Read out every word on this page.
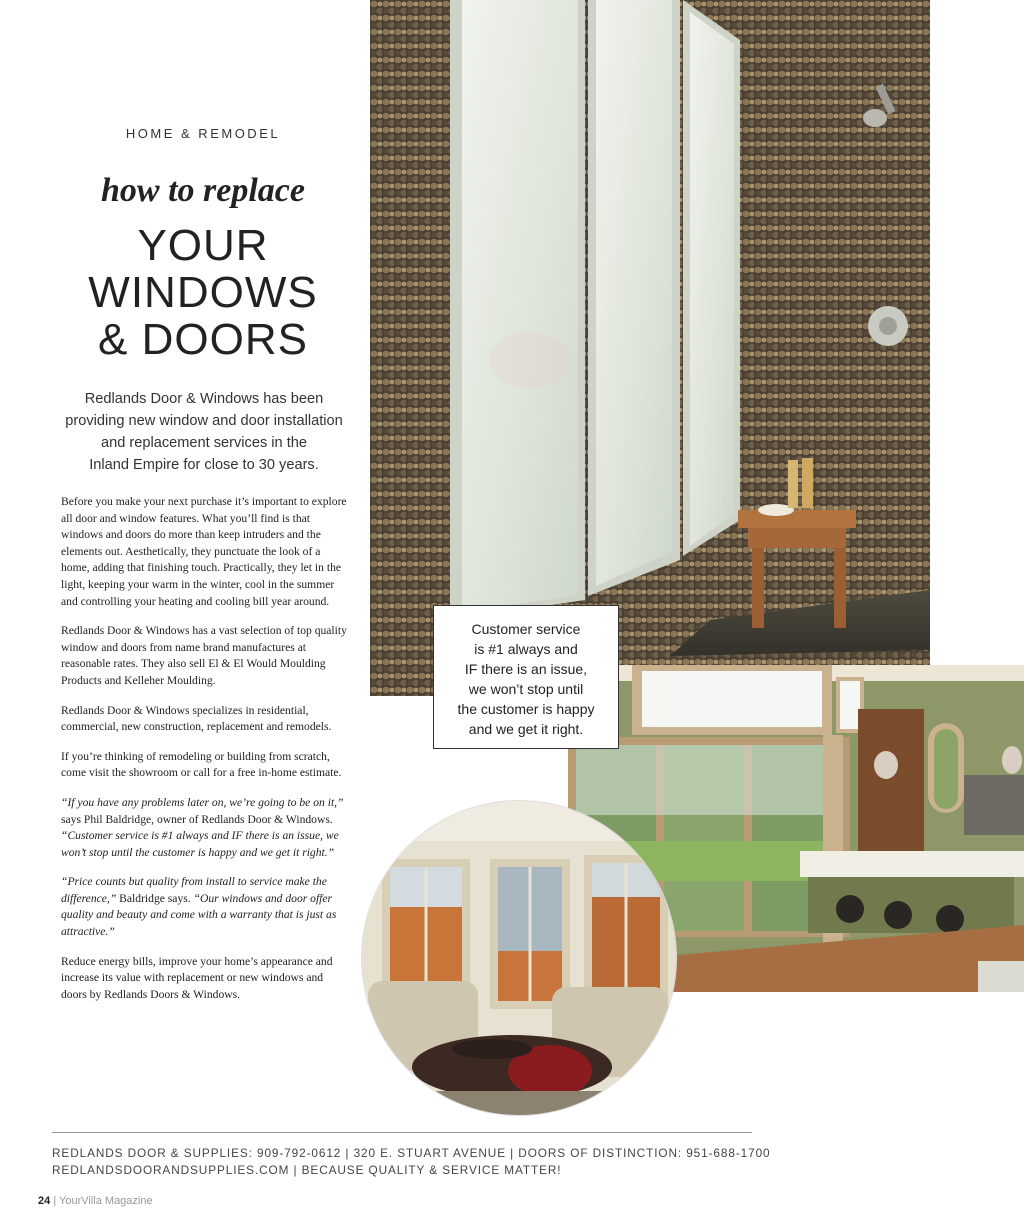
HOME & REMODEL
how to replace
YOUR
WINDOWS
& DOORS
Redlands Door & Windows has been
providing new window and door installation
and replacement services in the
Inland Empire for close to 30 years.

Before you make your next purchase it’s important to explore all door and window features. What you’ll find is that windows and doors do more than keep intruders and the elements out. Aesthetically, they punctuate the look of a home, adding that finishing touch. Practically, they let in the light, keeping your warm in the winter, cool in the summer and controlling your heating and cooling bill year around.

Redlands Door & Windows has a vast selection of top quality window and doors from name brand manufactures at reasonable rates. They also sell El & El Would Moulding Products and Kelleher Moulding.

Redlands Door & Windows specializes in residential, commercial, new construction, replacement and remodels.

If you’re thinking of remodeling or building from scratch, come visit the showroom or call for a free in-home estimate.

“If you have any problems later on, we’re going to be on it,” says Phil Baldridge, owner of Redlands Door & Windows. “Customer service is #1 always and IF there is an issue, we won’t stop until the customer is happy and we get it right.”

“Price counts but quality from install to service make the difference,” Baldridge says. “Our windows and door offer quality and beauty and come with a warranty that is just as attractive.”

Reduce energy bills, improve your home’s appearance and increase its value with replacement or new windows and doors by Redlands Doors & Windows.

Customer service
is #1 always and
IF there is an issue,
we won’t stop until
the customer is happy
and we get it right.
REDLANDS DOOR & SUPPLIES: 909-792-0612 | 320 E. STUART AVENUE | DOORS OF DISTINCTION: 951-688-1700
REDLANDSDOORANDSUPPLIES.COM | BECAUSE QUALITY & SERVICE MATTER!
24 | YourVilla Magazine
